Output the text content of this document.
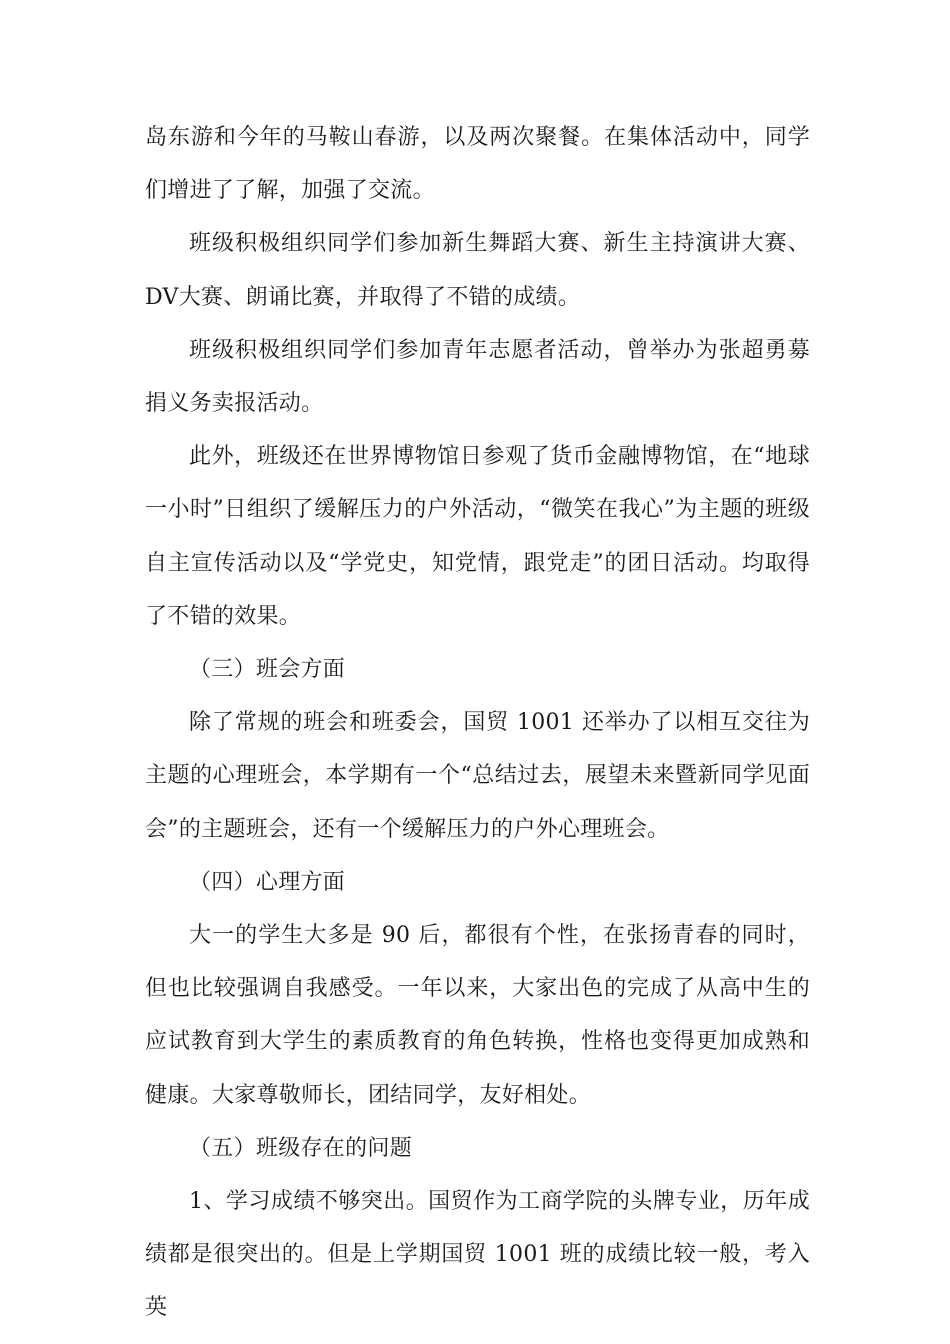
岛东游和今年的马鞍山春游，以及两次聚餐。在集体活动中，同学们增进了了解，加强了交流。

班级积极组织同学们参加新生舞蹈大赛、新生主持演讲大赛、DV大赛、朗诵比赛，并取得了不错的成绩。

班级积极组织同学们参加青年志愿者活动，曾举办为张超勇募捐义务卖报活动。

此外，班级还在世界博物馆日参观了货币金融博物馆，在“地球一小时”日组织了缓解压力的户外活动，“微笑在我心”为主题的班级自主宣传活动以及“学党史，知党情，跟党走”的团日活动。均取得了不错的效果。

（三）班会方面

除了常规的班会和班委会，国贸 1001 还举办了以相互交往为主题的心理班会，本学期有一个“总结过去，展望未来暨新同学见面会”的主题班会，还有一个缓解压力的户外心理班会。

（四）心理方面

大一的学生大多是 90 后，都很有个性，在张扬青春的同时，但也比较强调自我感受。一年以来，大家出色的完成了从高中生的应试教育到大学生的素质教育的角色转换，性格也变得更加成熟和健康。大家尊敬师长，团结同学，友好相处。

（五）班级存在的问题

1、学习成绩不够突出。国贸作为工商学院的头牌专业，历年成绩都是很突出的。但是上学期国贸 1001 班的成绩比较一般，考入英
